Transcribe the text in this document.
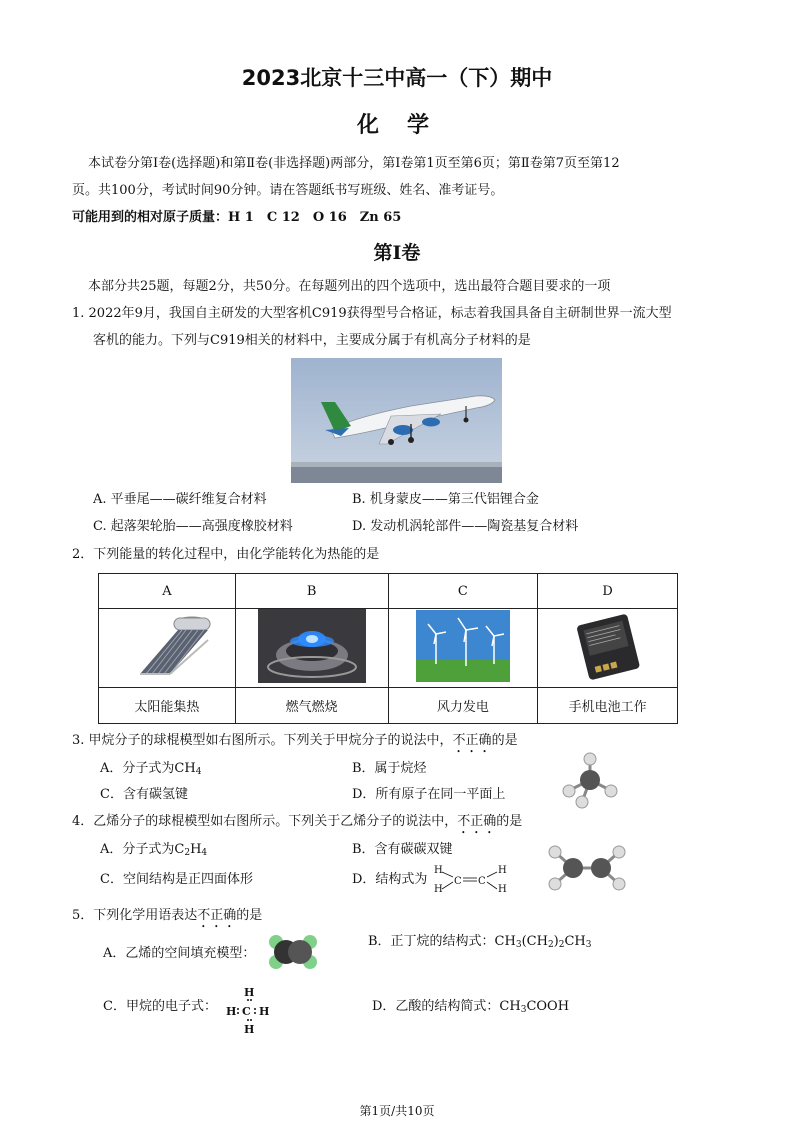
2023北京十三中高一（下）期中
化学
本试卷分第Ⅰ卷(选择题)和第Ⅱ卷(非选择题)两部分，第Ⅰ卷第1页至第6页；第Ⅱ卷第7页至第12
页。共100分，考试时间90分钟。请在答题纸书写班级、姓名、准考证号。
可能用到的相对原子质量：H 1　C 12　O 16　Zn 65
第Ⅰ卷
本部分共25题，每题2分，共50分。在每题列出的四个选项中，选出最符合题目要求的一项
1. 2022年9月，我国自主研发的大型客机C919获得型号合格证，标志着我国具备自主研制世界一流大型
客机的能力。下列与C919相关的材料中，主要成分属于有机高分子材料的是
A. 平垂尾——碳纤维复合材料	B. 机身蒙皮——第三代铝锂合金
C. 起落架轮胎——高强度橡胶材料	D. 发动机涡轮部件——陶瓷基复合材料
2．下列能量的转化过程中，由化学能转化为热能的是
A	B	C	D

太阳能集热	燃气燃烧	风力发电	手机电池工作
3. 甲烷分子的球棍模型如右图所示。下列关于甲烷分子的说法中，不正确的是
A．分子式为$CH_4$	B．属于烷烃
C．含有碳氢键	D．所有原子在同一平面上
4．乙烯分子的球棍模型如右图所示。下列关于乙烯分子的说法中，不正确的是
A．分子式为$C_2H_4$	B．含有碳碳双键
C．空间结构是正四面体形	D．结构式为
H
H
C C
H
H
5．下列化学用语表达不正确的是
A．乙烯的空间填充模型：
B．正丁烷的结构式：$CH_3(CH_2)_2CH_3$
C．甲烷的电子式：
H
H C H
H
D．乙酸的结构简式：$CH_3COOH$
第1页/共10页
